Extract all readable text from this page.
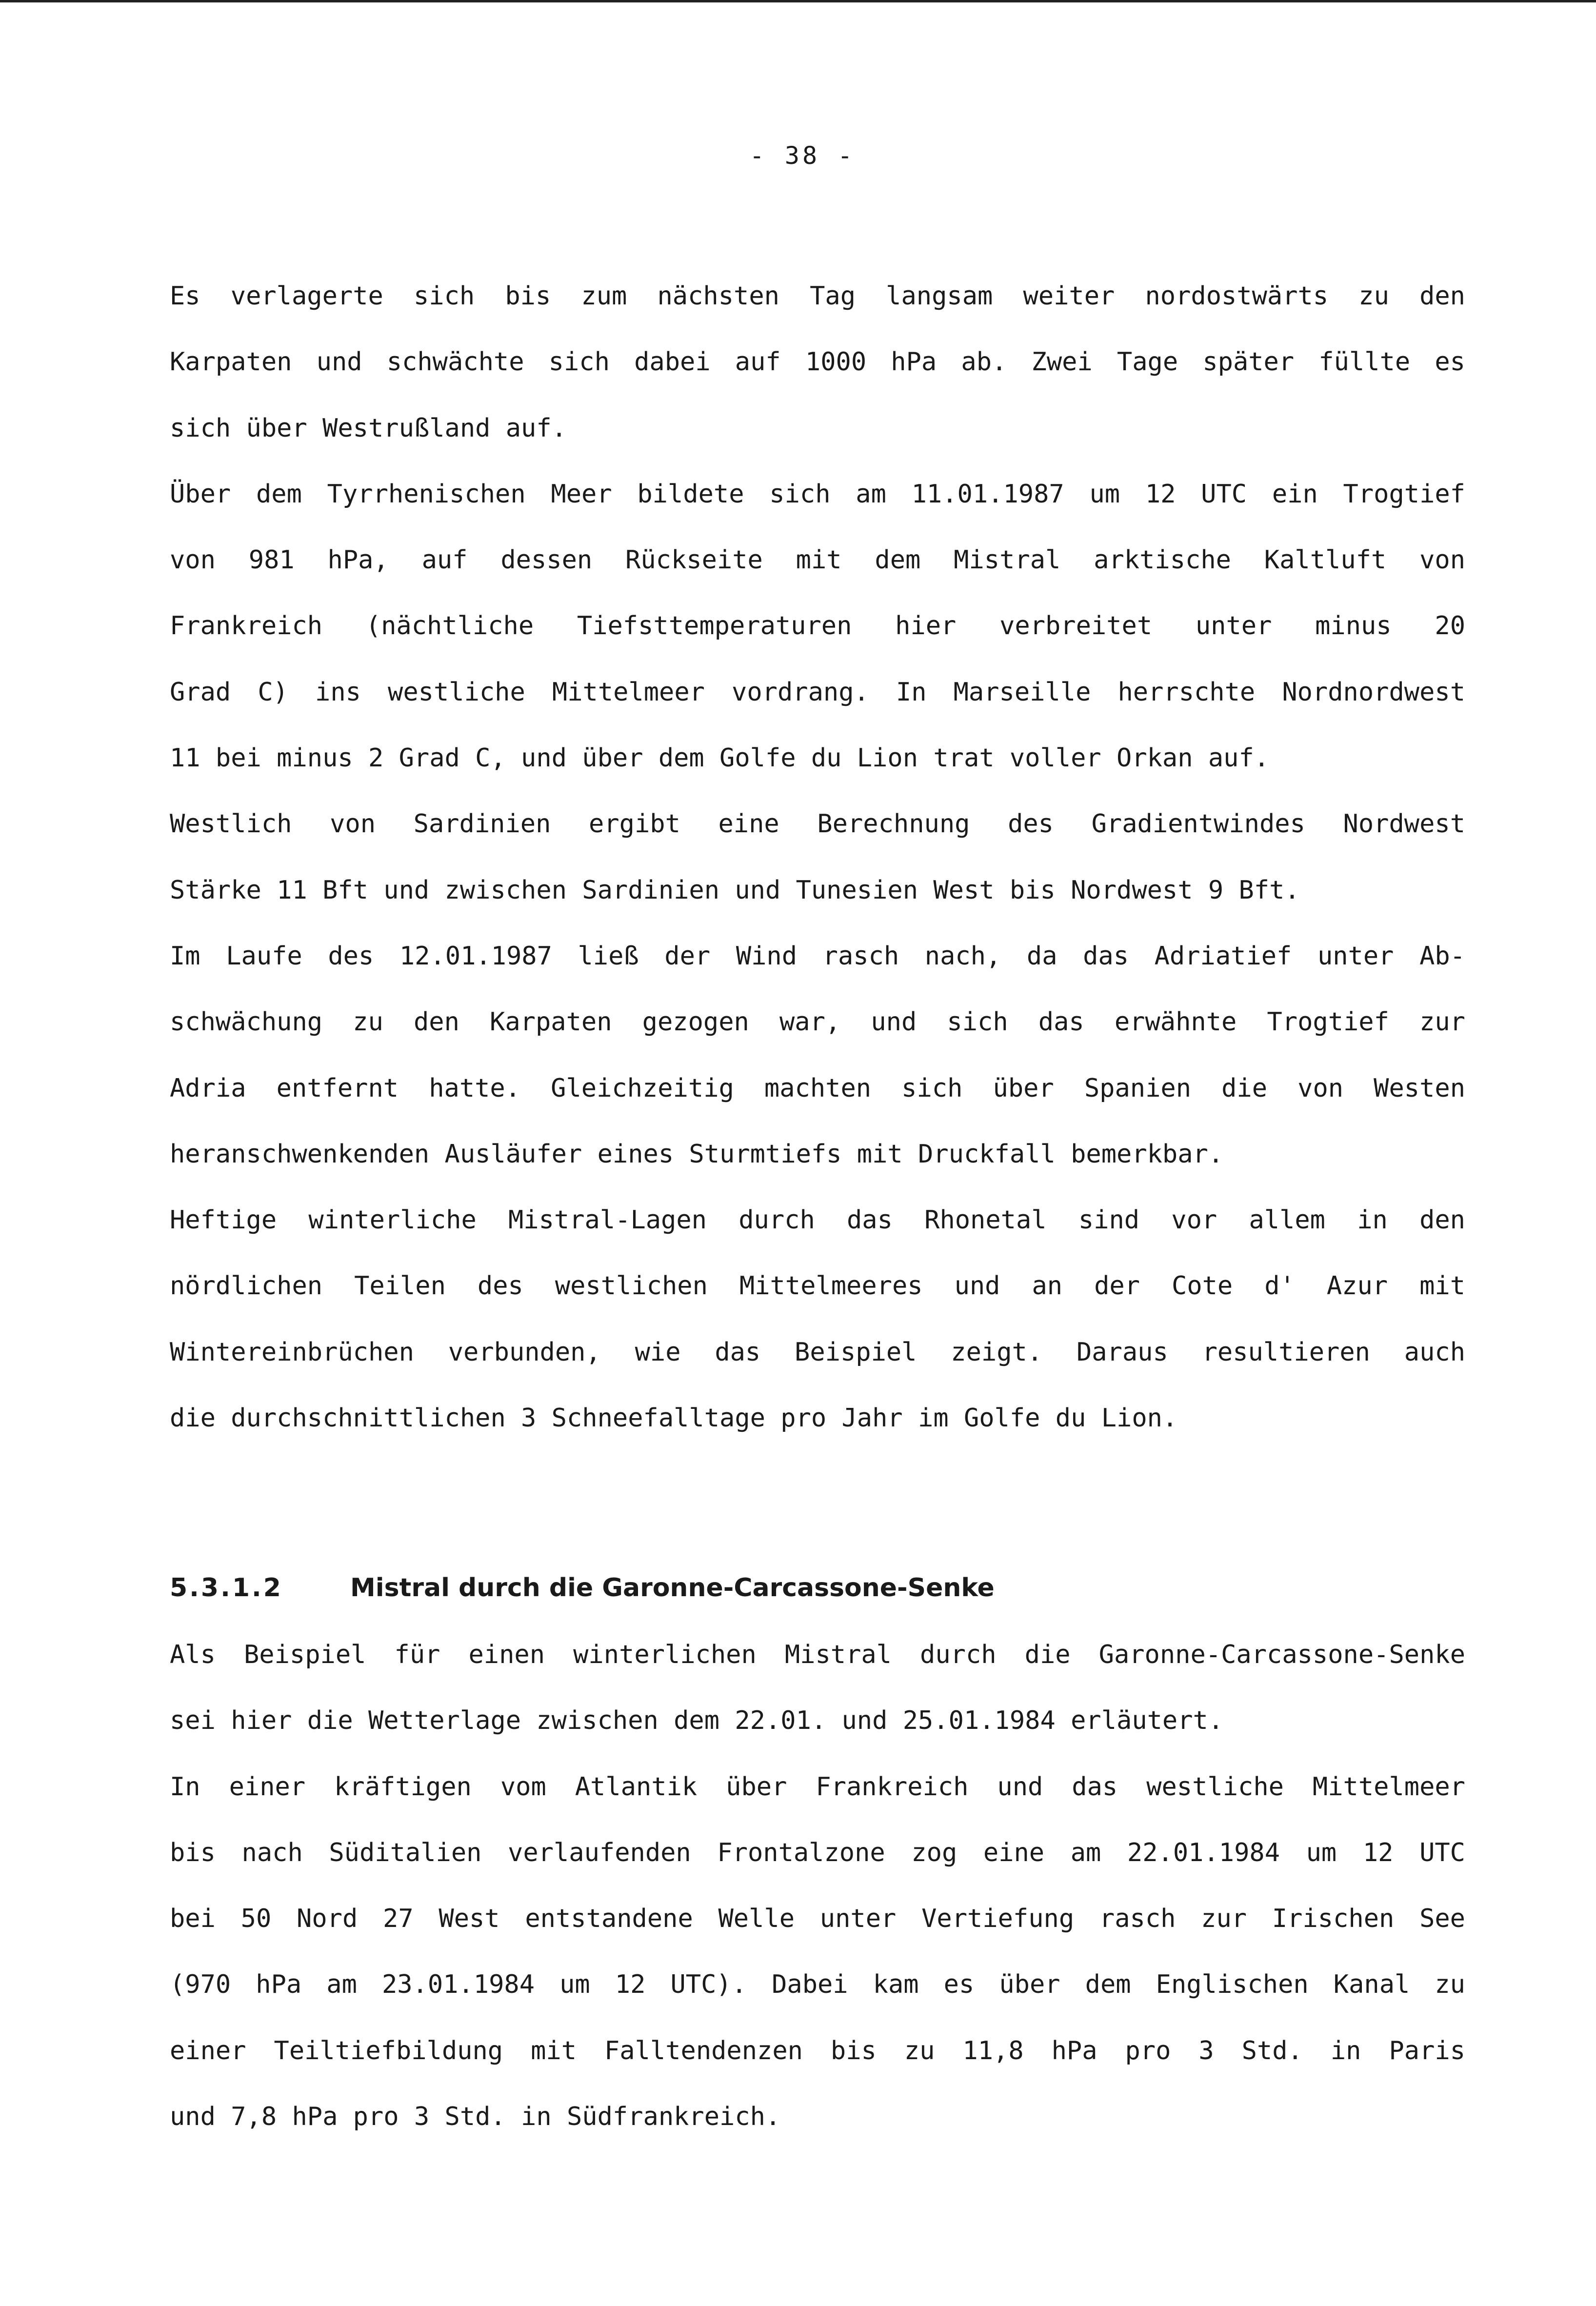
- 38 -
Es verlagerte sich bis zum nächsten Tag langsam weiter nordostwärts zu den
Karpaten und schwächte sich dabei auf 1000 hPa ab. Zwei Tage später füllte es
sich über Westrußland auf.
Über dem Tyrrhenischen Meer bildete sich am 11.01.1987 um 12 UTC ein Trogtief
von 981 hPa, auf dessen Rückseite mit dem Mistral arktische Kaltluft von
Frankreich (nächtliche Tiefsttemperaturen hier verbreitet unter minus 20
Grad C) ins westliche Mittelmeer vordrang. In Marseille herrschte Nordnordwest
11 bei minus 2 Grad C, und über dem Golfe du Lion trat voller Orkan auf.
Westlich von Sardinien ergibt eine Berechnung des Gradientwindes Nordwest
Stärke 11 Bft und zwischen Sardinien und Tunesien West bis Nordwest 9 Bft.
Im Laufe des 12.01.1987 ließ der Wind rasch nach, da das Adriatief unter Ab-
schwächung zu den Karpaten gezogen war, und sich das erwähnte Trogtief zur
Adria entfernt hatte. Gleichzeitig machten sich über Spanien die von Westen
heranschwenkenden Ausläufer eines Sturmtiefs mit Druckfall bemerkbar.
Heftige winterliche Mistral-Lagen durch das Rhonetal sind vor allem in den
nördlichen Teilen des westlichen Mittelmeeres und an der Cote d' Azur mit
Wintereinbrüchen verbunden, wie das Beispiel zeigt. Daraus resultieren auch
die durchschnittlichen 3 Schneefalltage pro Jahr im Golfe du Lion.
5.3.1.2	Mistral durch die Garonne-Carcassone-Senke
Als Beispiel für einen winterlichen Mistral durch die Garonne-Carcassone-Senke
sei hier die Wetterlage zwischen dem 22.01. und 25.01.1984 erläutert.
In einer kräftigen vom Atlantik über Frankreich und das westliche Mittelmeer
bis nach Süditalien verlaufenden Frontalzone zog eine am 22.01.1984 um 12 UTC
bei 50 Nord 27 West entstandene Welle unter Vertiefung rasch zur Irischen See
(970 hPa am 23.01.1984 um 12 UTC). Dabei kam es über dem Englischen Kanal zu
einer Teiltiefbildung mit Falltendenzen bis zu 11,8 hPa pro 3 Std. in Paris
und 7,8 hPa pro 3 Std. in Südfrankreich.
